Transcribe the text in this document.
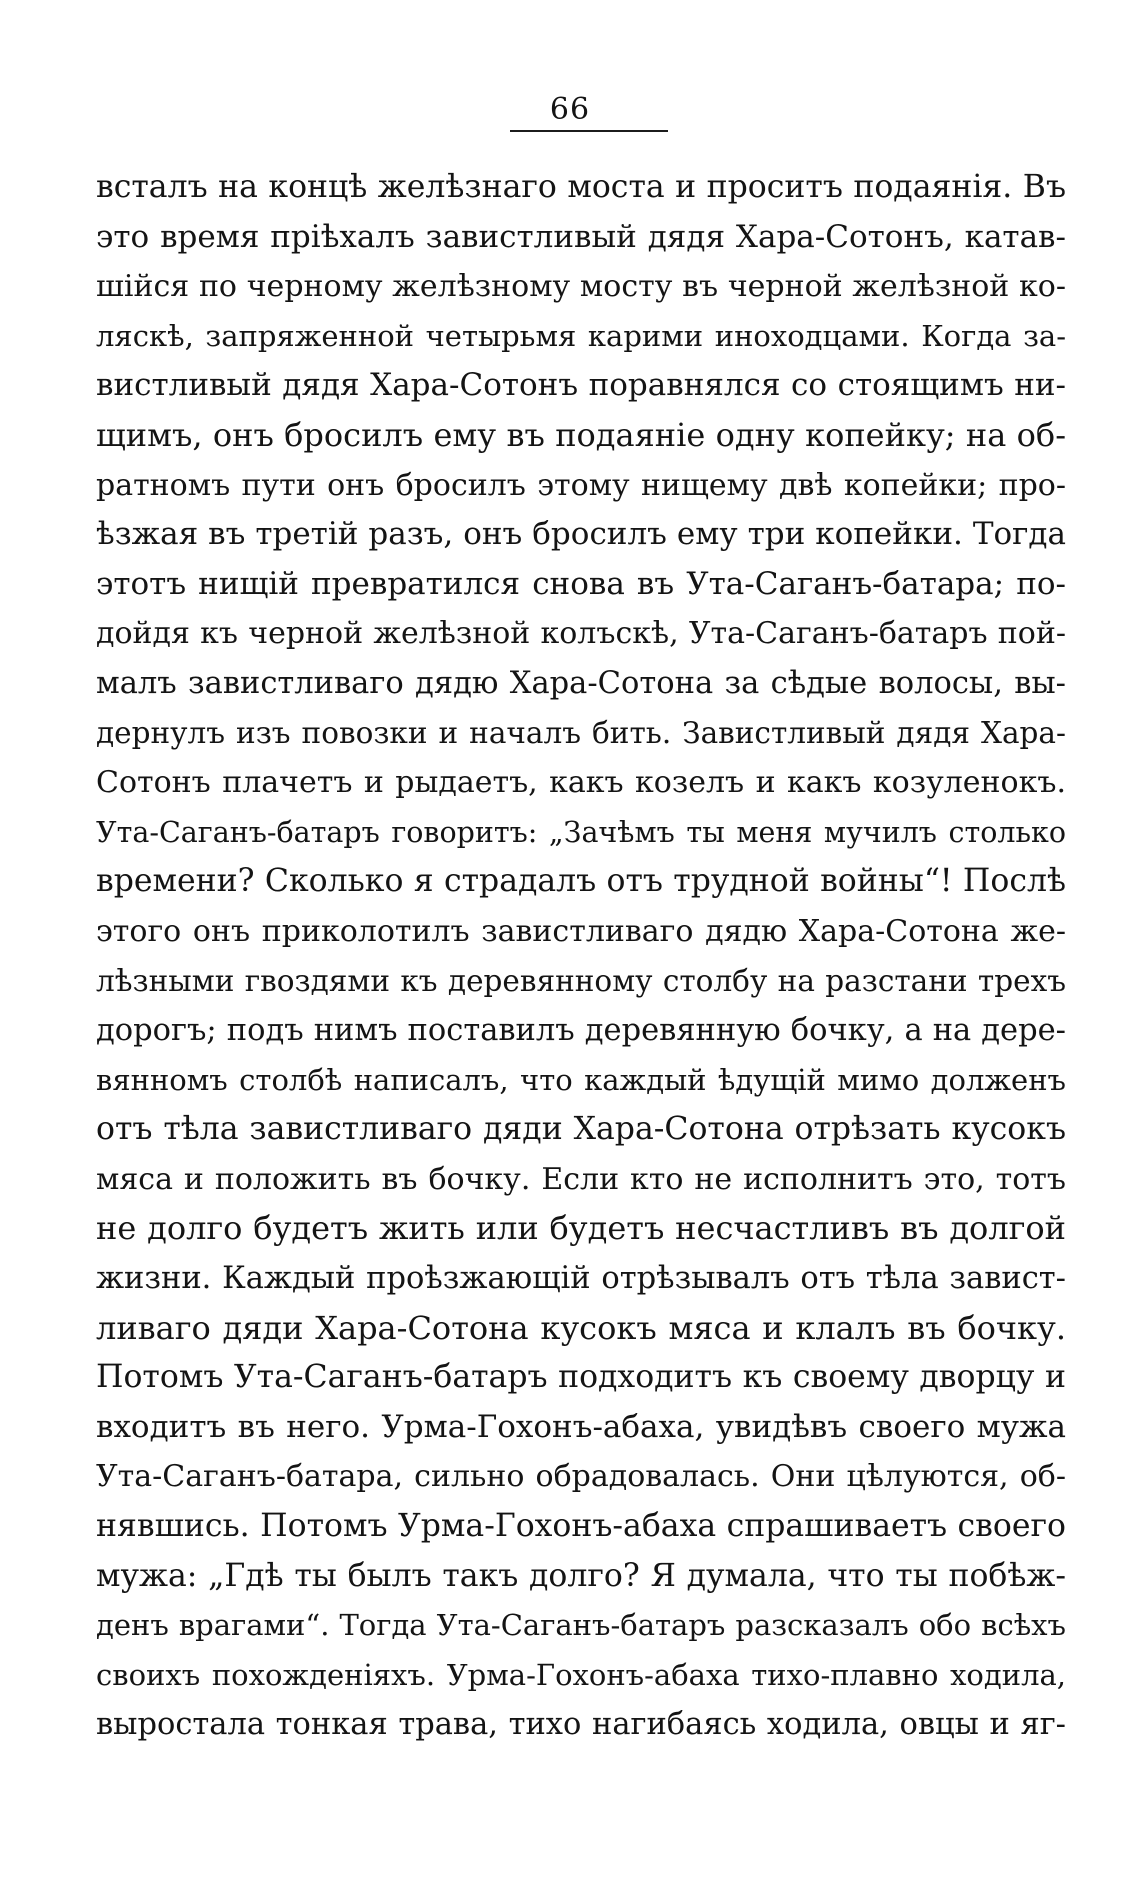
66
всталъ на концѣ желѣзнаго моста и проситъ подаянія. Въ
это время пріѣхалъ завистливый дядя Хара-Сотонъ, катав-
шійся по черному желѣзному мосту въ черной желѣзной ко-
ляскѣ, запряженной четырьмя карими иноходцами. Когда за-
вистливый дядя Хара-Сотонъ поравнялся со стоящимъ ни-
щимъ, онъ бросилъ ему въ подаяніе одну копейку; на об-
ратномъ пути онъ бросилъ этому нищему двѣ копейки; про-
ѣзжая въ третій разъ, онъ бросилъ ему три копейки. Тогда
этотъ нищій превратился снова въ Ута-Саганъ-батара; по-
дойдя къ черной желѣзной колъскѣ, Ута-Саганъ-батаръ пой-
малъ завистливаго дядю Хара-Сотона за сѣдые волосы, вы-
дернулъ изъ повозки и началъ бить. Завистливый дядя Хара-
Сотонъ плачетъ и рыдаетъ, какъ козелъ и какъ козуленокъ.
Ута-Саганъ-батаръ говоритъ: „Зачѣмъ ты меня мучилъ столько
времени? Сколько я страдалъ отъ трудной войны“! Послѣ
этого онъ приколотилъ завистливаго дядю Хара-Сотона же-
лѣзными гвоздями къ деревянному столбу на разстани трехъ
дорогъ; подъ нимъ поставилъ деревянную бочку, а на дере-
вянномъ столбѣ написалъ, что каждый ѣдущій мимо долженъ
отъ тѣла завистливаго дяди Хара-Сотона отрѣзать кусокъ
мяса и положить въ бочку. Если кто не исполнитъ это, тотъ
не долго будетъ жить или будетъ несчастливъ въ долгой
жизни. Каждый проѣзжающій отрѣзывалъ отъ тѣла завист-
ливаго дяди Хара-Сотона кусокъ мяса и клалъ въ бочку.
Потомъ Ута-Саганъ-батаръ подходитъ къ своему дворцу и
входитъ въ него. Урма-Гохонъ-абаха, увидѣвъ своего мужа
Ута-Саганъ-батара, сильно обрадовалась. Они цѣлуются, об-
нявшись. Потомъ Урма-Гохонъ-абаха спрашиваетъ своего
мужа: „Гдѣ ты былъ такъ долго? Я думала, что ты побѣж-
денъ врагами“. Тогда Ута-Саганъ-батаръ разсказалъ обо всѣхъ
своихъ похожденіяхъ. Урма-Гохонъ-абаха тихо-плавно ходила,
выростала тонкая трава, тихо нагибаясь ходила, овцы и яг-
